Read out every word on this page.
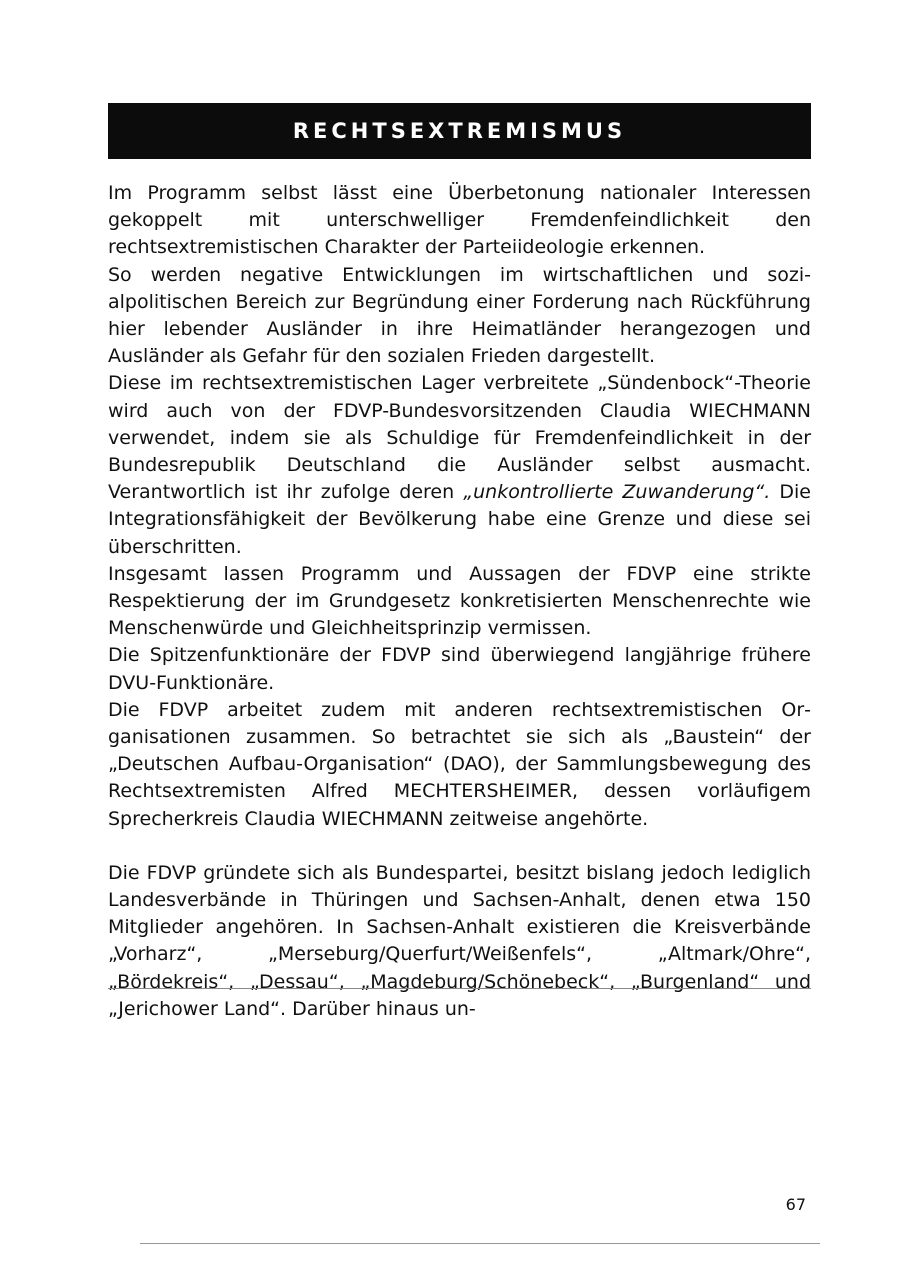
RECHTSEXTREMISMUS

Im Programm selbst lässt eine Überbetonung nationaler Interessen gekoppelt mit unterschwelliger Fremdenfeindlichkeit den rechtsextremistischen Charakter der Parteiideologie erkennen.

So werden negative Entwicklungen im wirtschaftlichen und sozialpolitischen Bereich zur Begründung einer Forderung nach Rückführung hier lebender Ausländer in ihre Heimatländer herangezogen und Ausländer als Gefahr für den sozialen Frieden dargestellt.

Diese im rechtsextremistischen Lager verbreitete „Sündenbock“-Theorie wird auch von der FDVP-Bundesvorsitzenden Claudia WIECHMANN verwendet, indem sie als Schuldige für Fremdenfeindlichkeit in der Bundesrepublik Deutschland die Ausländer selbst ausmacht. Verantwortlich ist ihr zufolge deren „unkontrollierte Zuwanderung“. Die Integrationsfähigkeit der Bevölkerung habe eine Grenze und diese sei überschritten.

Insgesamt lassen Programm und Aussagen der FDVP eine strikte Respektierung der im Grundgesetz konkretisierten Menschenrechte wie Menschenwürde und Gleichheitsprinzip vermissen.

Die Spitzenfunktionäre der FDVP sind überwiegend langjährige frühere DVU-Funktionäre.

Die FDVP arbeitet zudem mit anderen rechtsextremistischen Organisationen zusammen. So betrachtet sie sich als „Baustein“ der „Deutschen Aufbau-Organisation“ (DAO), der Sammlungsbewegung des Rechtsextremisten Alfred MECHTERSHEIMER, dessen vorläufigem Sprecherkreis Claudia WIECHMANN zeitweise angehörte.

Die FDVP gründete sich als Bundespartei, besitzt bislang jedoch lediglich Landesverbände in Thüringen und Sachsen-Anhalt, denen etwa 150 Mitglieder angehören. In Sachsen-Anhalt existieren die Kreisverbände „Vorharz“, „Merseburg/Querfurt/Weißenfels“, „Altmark/Ohre“, „Bördekreis“, „Dessau“, „Magdeburg/Schönebeck“, „Burgenland“ und „Jerichower Land“. Darüber hinaus un-

67
